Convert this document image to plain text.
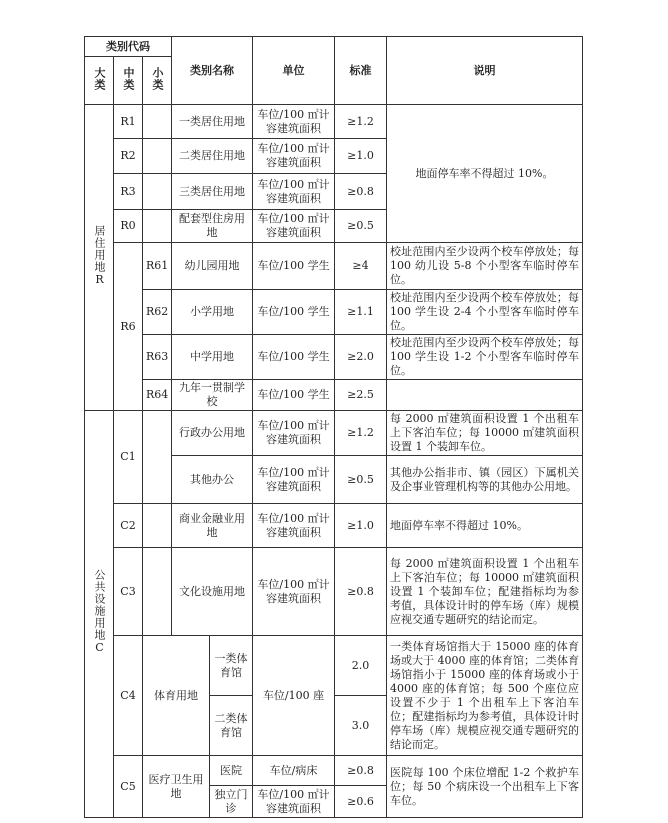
类别代码			类别名称		单位	标准	说明
大类	中类	小类					
居住用地R	R1		一类居住用地		车位/100 ㎡计容建筑面积	≥1.2	地面停车率不得超过 10%。
	R2		二类居住用地		车位/100 ㎡计容建筑面积	≥1.0	
	R3		三类居住用地		车位/100 ㎡计容建筑面积	≥0.8	
	R0		配套型住房用地		车位/100 ㎡计容建筑面积	≥0.5	
	R6	R61	幼儿园用地		车位/100 学生	≥4	校址范围内至少设两个校车停放处；每 100 幼儿设 5-8 个小型客车临时停车位。
		R62	小学用地		车位/100 学生	≥1.1	校址范围内至少设两个校车停放处；每 100 学生设 2-4 个小型客车临时停车位。
		R63	中学用地		车位/100 学生	≥2.0	校址范围内至少设两个校车停放处；每 100 学生设 1-2 个小型客车临时停车位。
		R64	九年一贯制学校		车位/100 学生	≥2.5	
公共设施用地C	C1		行政办公用地		车位/100 ㎡计容建筑面积	≥1.2	每 2000 ㎡建筑面积设置 1 个出租车上下客泊车位；每 10000 ㎡建筑面积设置 1 个装卸车位。
			其他办公		车位/100 ㎡计容建筑面积	≥0.5	其他办公指非市、镇（园区）下属机关及企事业管理机构等的其他办公用地。
	C2		商业金融业用地		车位/100 ㎡计容建筑面积	≥1.0	地面停车率不得超过 10%。
	C3		文化设施用地		车位/100 ㎡计容建筑面积	≥0.8	每 2000 ㎡建筑面积设置 1 个出租车上下客泊车位；每 10000 ㎡建筑面积设置 1 个装卸车位；配建指标均为参考值，具体设计时的停车场（库）规模应视交通专题研究的结论而定。
	C4	体育用地		一类体育馆	车位/100 座	2.0	一类体育场馆指大于 15000 座的体育场或大于 4000 座的体育馆；二类体育场馆指小于 15000 座的体育场或小于 4000 座的体育馆；每 500 个座位应设置不少于 1 个出租车上下客泊车位；配建指标均为参考值，具体设计时停车场（库）规模应视交通专题研究的结论而定。
				二类体育馆		3.0	
	C5	医疗卫生用地		医院	车位/病床	≥0.8	医院每 100 个床位增配 1-2 个救护车位；每 50 个病床设一个出租车上下客车位。
				独立门诊	车位/100 ㎡计容建筑面积	≥0.6	
